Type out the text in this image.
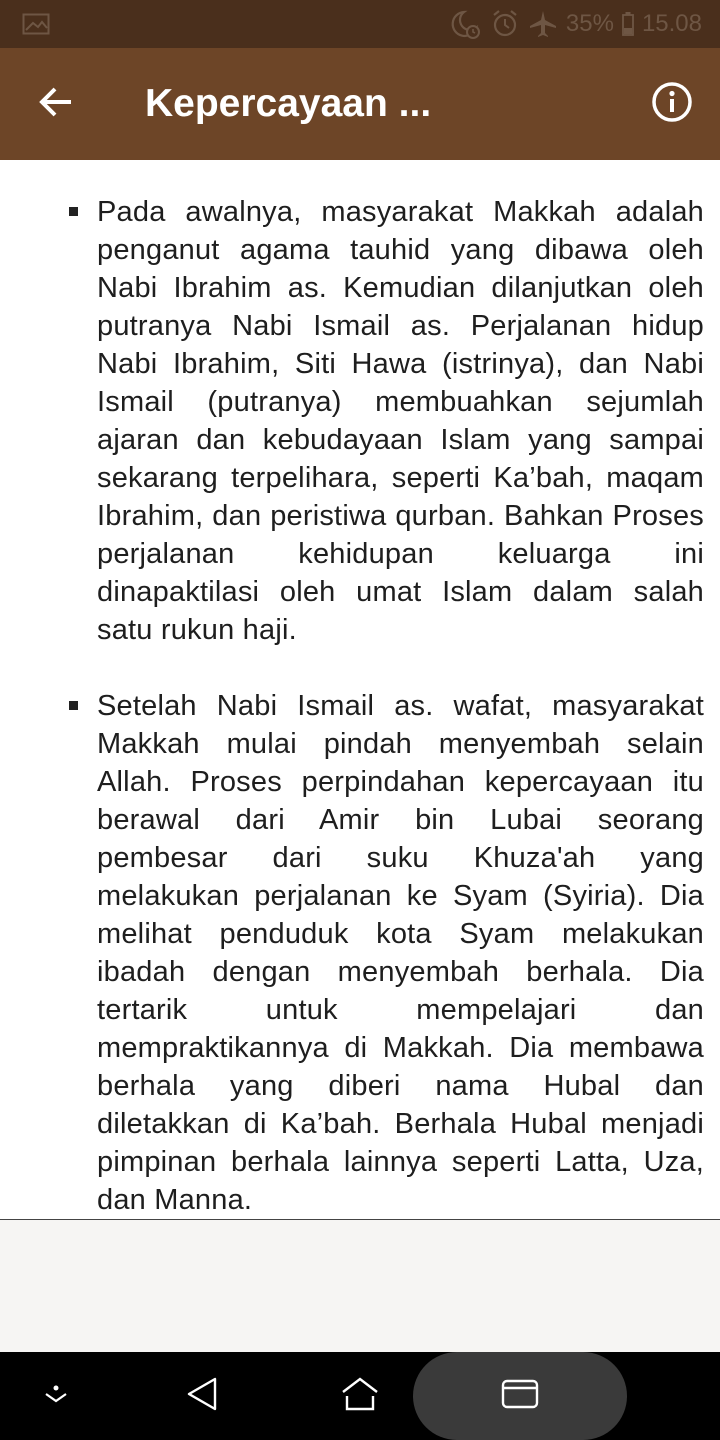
35% 15.08
Kepercayaan ...

Pada awalnya, masyarakat Makkah adalah penganut agama tauhid yang dibawa oleh Nabi Ibrahim as. Kemudian dilanjutkan oleh putranya Nabi Ismail as. Perjalanan hidup Nabi Ibrahim, Siti Hawa (istrinya), dan Nabi Ismail (putranya) membuahkan sejumlah ajaran dan kebudayaan Islam yang sampai sekarang terpelihara, seperti Ka’bah, maqam Ibrahim, dan peristiwa qurban. Bahkan Proses perjalanan kehidupan keluarga ini dinapaktilasi oleh umat Islam dalam salah satu rukun haji.

Setelah Nabi Ismail as. wafat, masyarakat Makkah mulai pindah menyembah selain Allah. Proses perpindahan kepercayaan itu berawal dari Amir bin Lubai seorang pembesar dari suku Khuza'ah yang melakukan perjalanan ke Syam (Syiria). Dia melihat penduduk kota Syam melakukan ibadah dengan menyembah berhala. Dia tertarik untuk mempelajari dan mempraktikannya di Makkah. Dia membawa berhala yang diberi nama Hubal dan diletakkan di Ka’bah. Berhala Hubal menjadi pimpinan berhala lainnya seperti Latta, Uza, dan Manna.
